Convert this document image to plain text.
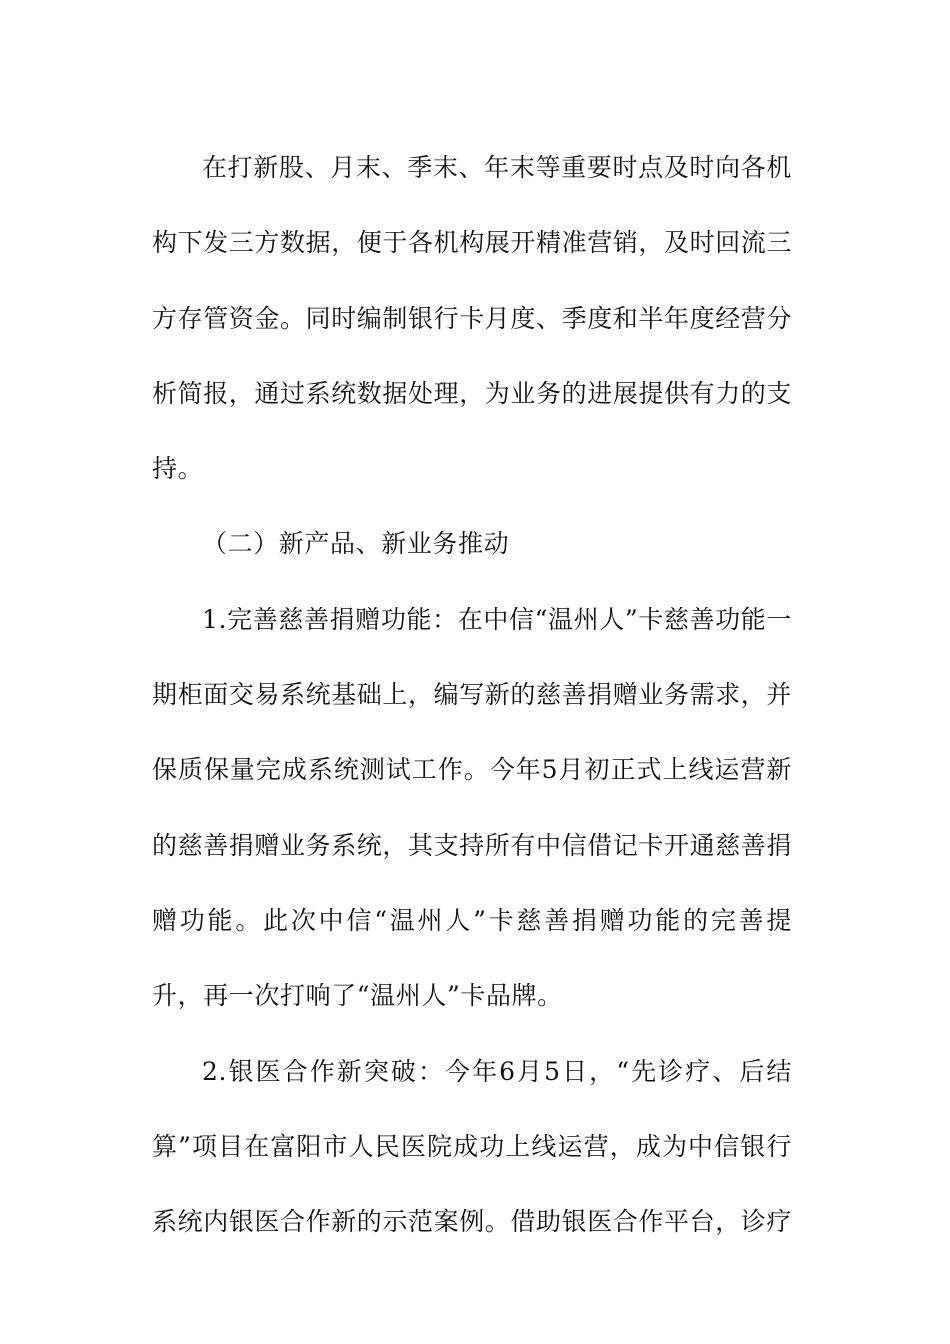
在打新股、月末、季末、年末等重要时点及时向各机构下发三方数据，便于各机构展开精准营销，及时回流三方存管资金。同时编制银行卡月度、季度和半年度经营分析简报，通过系统数据处理，为业务的进展提供有力的支持。

（二）新产品、新业务推动

1.完善慈善捐赠功能：在中信“温州人”卡慈善功能一期柜面交易系统基础上，编写新的慈善捐赠业务需求，并保质保量完成系统测试工作。今年5月初正式上线运营新的慈善捐赠业务系统，其支持所有中信借记卡开通慈善捐赠功能。此次中信“温州人”卡慈善捐赠功能的完善提升，再一次打响了“温州人”卡品牌。

2.银医合作新突破：今年6月5日，“先诊疗、后结算”项目在富阳市人民医院成功上线运营，成为中信银行系统内银医合作新的示范案例。借助银医合作平台，诊疗
